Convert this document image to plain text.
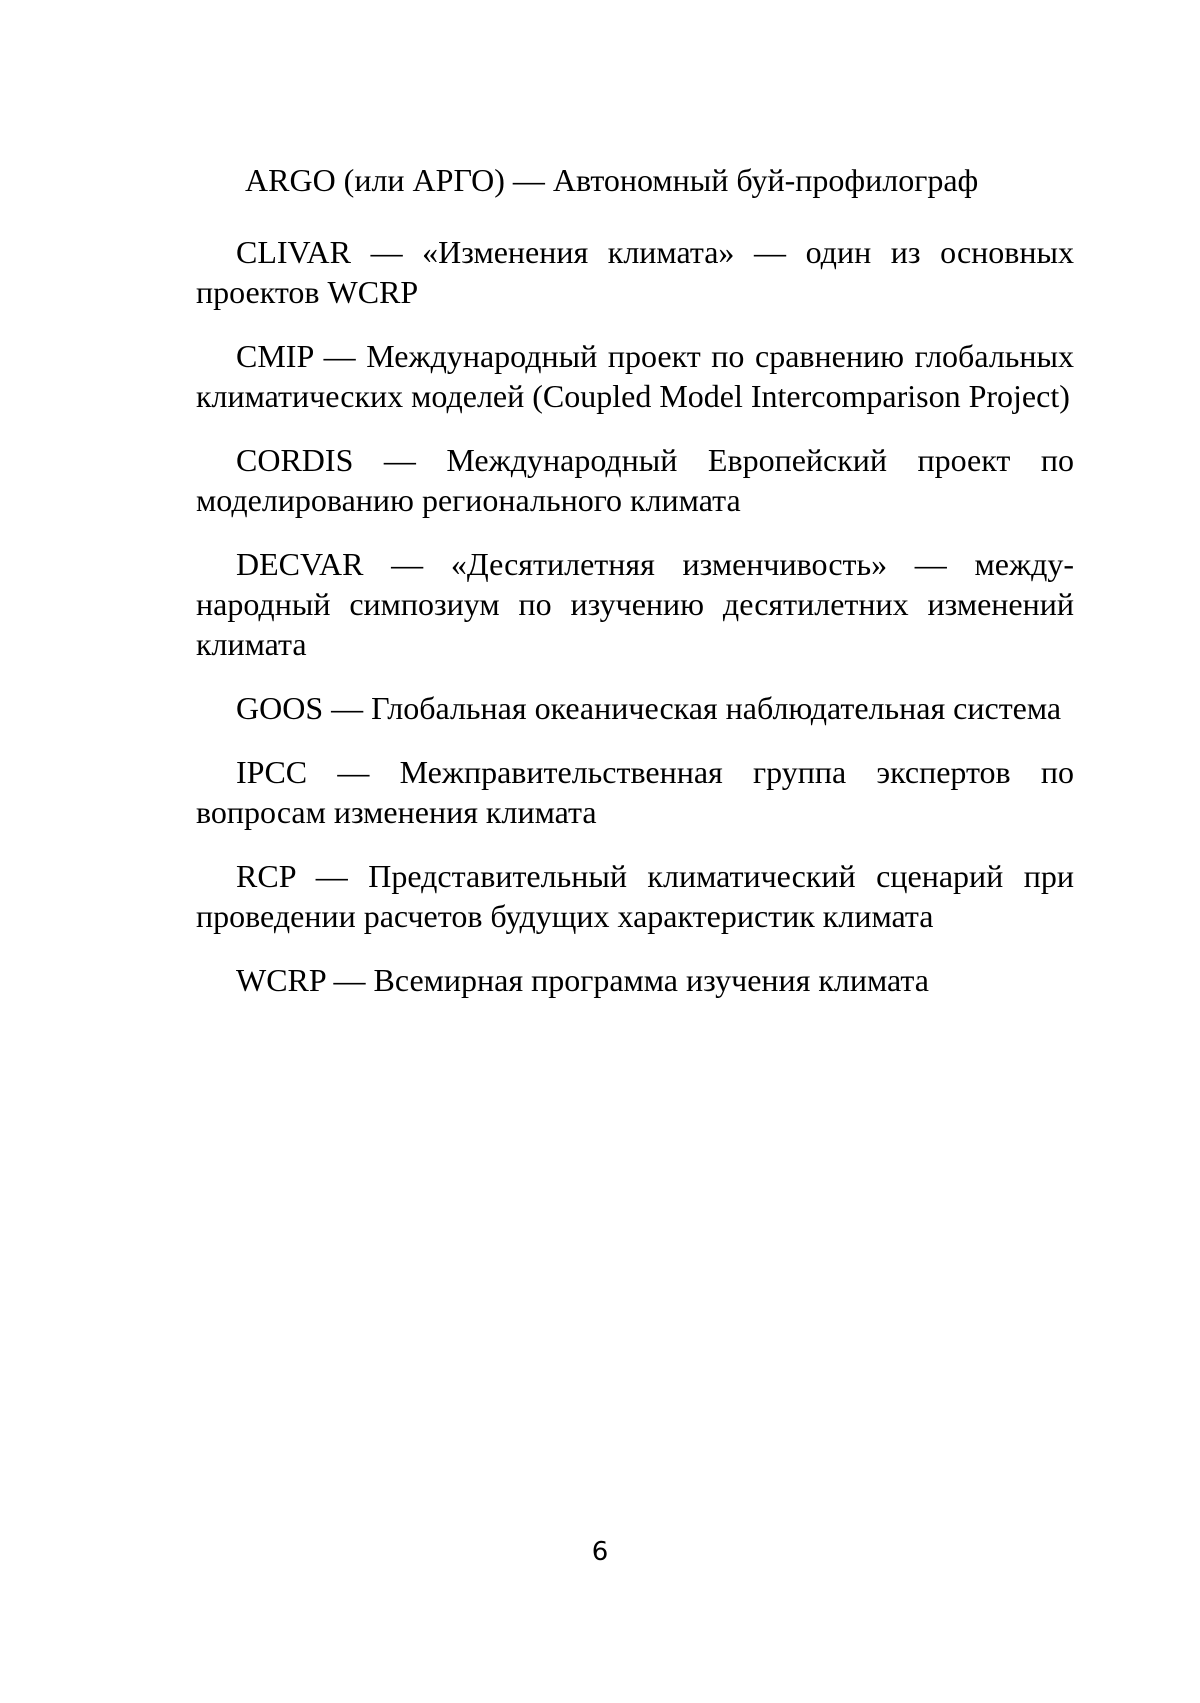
ARGO (или АРГО) — Автономный буй-профилограф

CLIVAR — «Изменения климата» — один из основных проектов WCRP

CMIP — Международный проект по сравнению глобальных климатических моделей (Coupled Model Intercomparison Project)

CORDIS — Международный Европейский проект по моделированию регионального климата

DECVAR — «Десятилетняя изменчивость» — международный симпозиум по изучению десятилетних изменений климата

GOOS — Глобальная океаническая наблюдательная система

IPCC — Межправительственная группа экспертов по вопросам изменения климата

RCP — Представительный климатический сценарий при проведении расчетов будущих характеристик климата

WCRP — Всемирная программа изучения климата

6
